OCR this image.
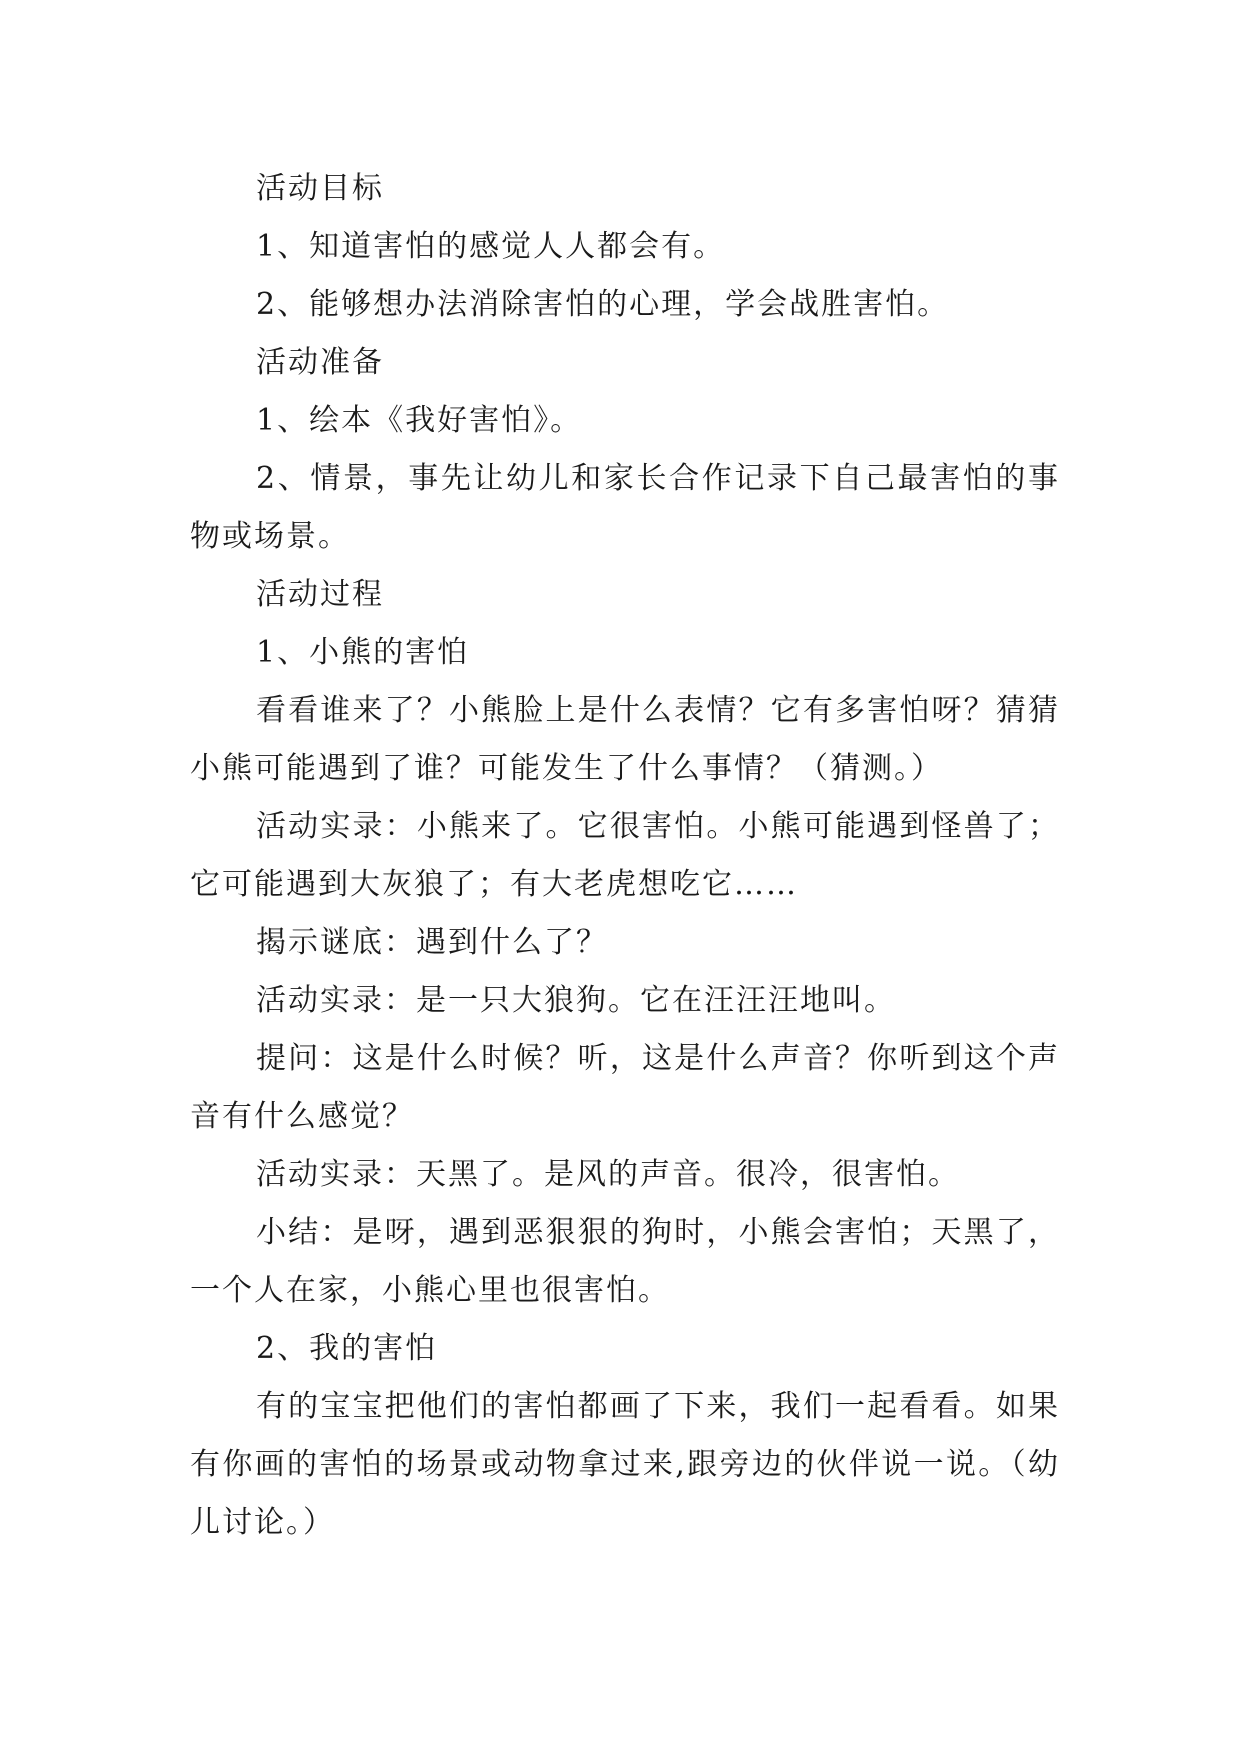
活动目标

1、知道害怕的感觉人人都会有。

2、能够想办法消除害怕的心理，学会战胜害怕。

活动准备

1、绘本《我好害怕》。

2、情景，事先让幼儿和家长合作记录下自己最害怕的事物或场景。

活动过程

1、小熊的害怕

看看谁来了？小熊脸上是什么表情？它有多害怕呀？猜猜小熊可能遇到了谁？可能发生了什么事情？（猜测。）

活动实录：小熊来了。它很害怕。小熊可能遇到怪兽了；它可能遇到大灰狼了；有大老虎想吃它……

揭示谜底：遇到什么了？

活动实录：是一只大狼狗。它在汪汪汪地叫。

提问：这是什么时候？听，这是什么声音？你听到这个声音有什么感觉？

活动实录：天黑了。是风的声音。很冷，很害怕。

小结：是呀，遇到恶狠狠的狗时，小熊会害怕；天黑了，一个人在家，小熊心里也很害怕。

2、我的害怕

有的宝宝把他们的害怕都画了下来，我们一起看看。如果有你画的害怕的场景或动物拿过来,跟旁边的伙伴说一说。（幼儿讨论。）
